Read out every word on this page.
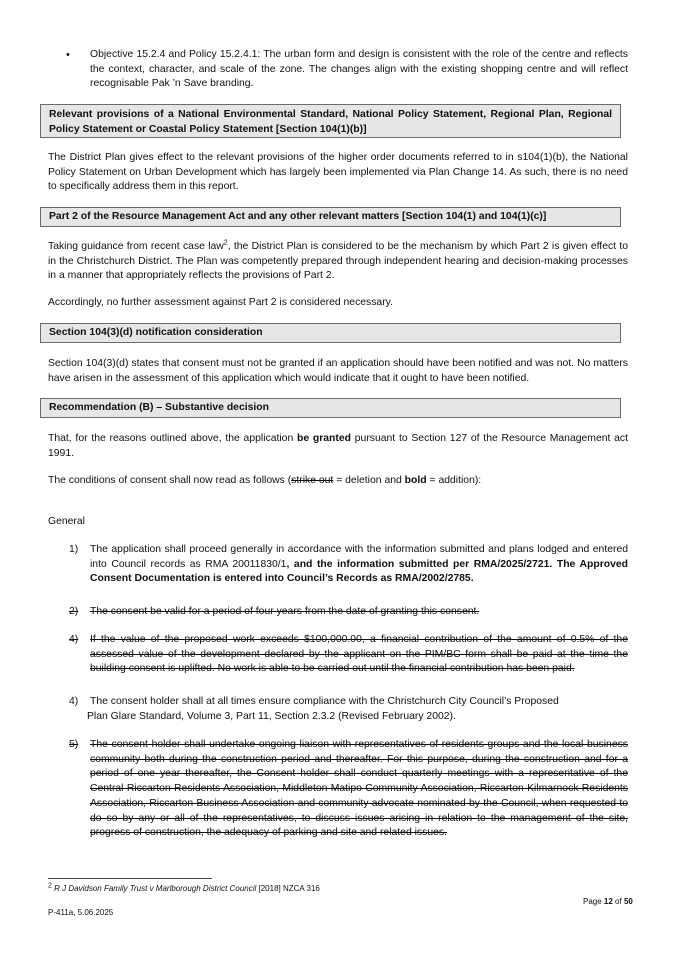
• Objective 15.2.4 and Policy 15.2.4.1: The urban form and design is consistent with the role of the centre and reflects the context, character, and scale of the zone. The changes align with the existing shopping centre and will reflect recognisable Pak ’n Save branding.
Relevant provisions of a National Environmental Standard, National Policy Statement, Regional Plan, Regional Policy Statement or Coastal Policy Statement [Section 104(1)(b)]
The District Plan gives effect to the relevant provisions of the higher order documents referred to in s104(1)(b), the National Policy Statement on Urban Development which has largely been implemented via Plan Change 14. As such, there is no need to specifically address them in this report.
Part 2 of the Resource Management Act and any other relevant matters [Section 104(1) and 104(1)(c)]
Taking guidance from recent case law$^2$, the District Plan is considered to be the mechanism by which Part 2 is given effect to in the Christchurch District. The Plan was competently prepared through independent hearing and decision-making processes in a manner that appropriately reflects the provisions of Part 2.
Accordingly, no further assessment against Part 2 is considered necessary.
Section 104(3)(d) notification consideration
Section 104(3)(d) states that consent must not be granted if an application should have been notified and was not. No matters have arisen in the assessment of this application which would indicate that it ought to have been notified.
Recommendation (B) – Substantive decision
That, for the reasons outlined above, the application be granted pursuant to Section 127 of the Resource Management act 1991.
The conditions of consent shall now read as follows (strike out = deletion and bold = addition):
General
1) The application shall proceed generally in accordance with the information submitted and plans lodged and entered into Council records as RMA 20011830/1, and the information submitted per RMA/2025/2721. The Approved Consent Documentation is entered into Council’s Records as RMA/2002/2785.
2) The consent be valid for a period of four years from the date of granting this consent.
4) If the value of the proposed work exceeds $100,000.00, a financial contribution of the amount of 0.5% of the assessed value of the development declared by the applicant on the PIM/BC form shall be paid at the time the building consent is uplifted. No work is able to be carried out until the financial contribution has been paid.
4) The consent holder shall at all times ensure compliance with the Christchurch City Council’s Proposed
Plan Glare Standard, Volume 3, Part 11, Section 2.3.2 (Revised February 2002).
5) The consent holder shall undertake ongoing liaison with representatives of residents groups and the local business community both during the construction period and thereafter. For this purpose, during the construction and for a period of one year thereafter, the Consent holder shall conduct quarterly meetings with a representative of the Central Riccarton Residents Association, Middleton Matipo Community Association, Riccarton Kilmarnock Residents Association, Riccarton Business Association and community advocate nominated by the Council, when requested to do so by any or all of the representatives, to discuss issues arising in relation to the management of the site, progress of construction, the adequacy of parking and site and related issues.
$^2$ R J Davidson Family Trust v Marlborough District Council [2018] NZCA 316
Page 12 of 50
P-411a, 5.06.2025
